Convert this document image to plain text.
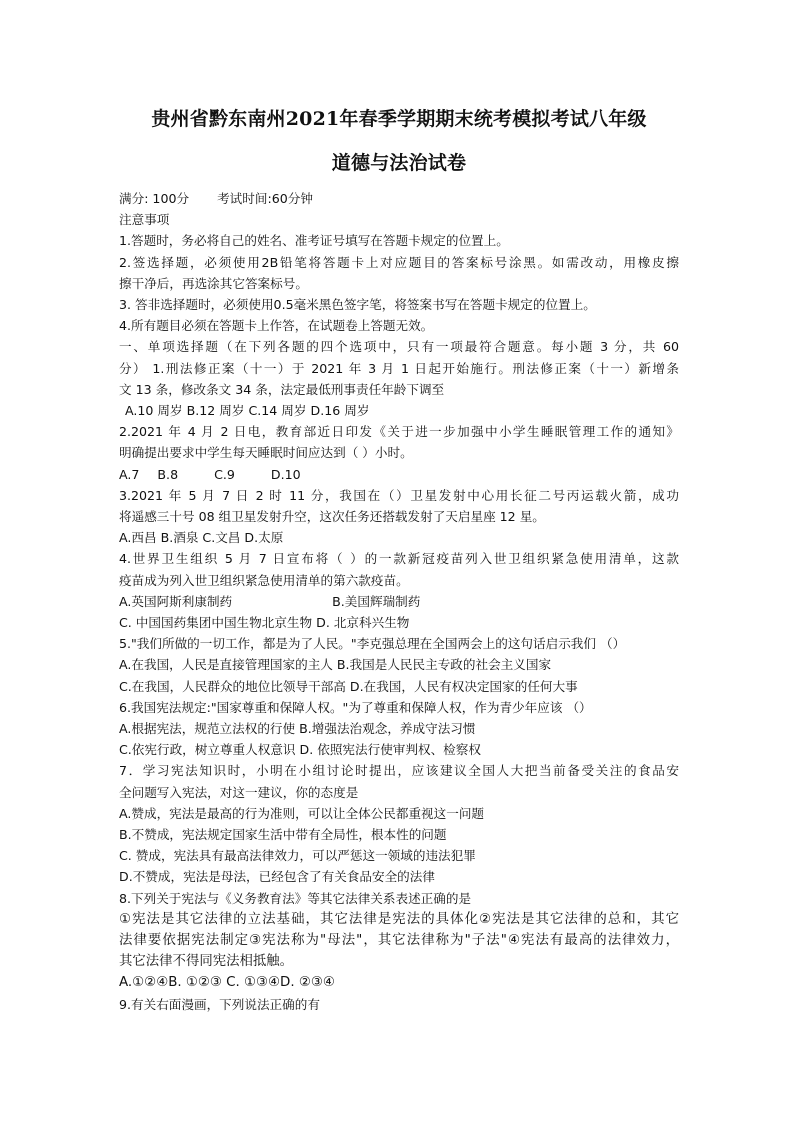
贵州省黔东南州2021年春季学期期末统考模拟考试八年级
道德与法治试卷
满分: 100分 考试时间:60分钟
注意事项
1.答题时，务必将自己的姓名、准考证号填写在答题卡规定的位置上。
2.签选择题，必须使用2B铅笔将答题卡上对应题目的答案标号涂黑。如需改动，用橡皮擦
擦干净后，再选涂其它答案标号。
3. 答非选择题时，必须使用0.5毫米黑色签字笔，将签案书写在答题卡规定的位置上。
4.所有题目必须在答题卡上作答，在试题卷上答题无效。
一、单项选择题（在下列各题的四个选项中，只有一项最符合题意。每小题 3 分，共 60
分） 1.刑法修正案（十一）于 2021 年 3 月 1 日起开始施行。刑法修正案（十一）新增条
文 13 条，修改条文 34 条，法定最低刑事责任年龄下调至
A.10 周岁 B.12 周岁 C.14 周岁 D.16 周岁
2.2021 年 4 月 2 日电，教育部近日印发《关于进一步加强中小学生睡眠管理工作的通知》
明确提出要求中学生每天睡眠时间应达到（ ）小时。
A.7 B.8	C.9	D.10
3.2021 年 5 月 7 日 2 时 11 分，我国在（）卫星发射中心用长征二号丙运载火箭，成功
将遥感三十号 08 组卫星发射升空，这次任务还搭载发射了天启星座 12 星。
A.西昌 B.酒泉 C.文昌 D.太原
4.世界卫生组织 5 月 7 日宣布将（ ）的一款新冠疫苗列入世卫组织紧急使用清单，这款
疫苗成为列入世卫组织紧急使用清单的第六款疫苗。
A.英国阿斯利康制药	B.美国辉瑞制药
C. 中国国药集团中国生物北京生物 D. 北京科兴生物
5."我们所做的一切工作，都是为了人民。"李克强总理在全国两会上的这句话启示我们 （）
A.在我国，人民是直接管理国家的主人 B.我国是人民民主专政的社会主义国家
C.在我国，人民群众的地位比领导干部高 D.在我国，人民有权决定国家的任何大事
6.我国宪法规定:"国家尊重和保障人权。"为了尊重和保障人权，作为青少年应该 （）
A.根据宪法，规范立法权的行使 B.增强法治观念，养成守法习惯
C.依宪行政，树立尊重人权意识 D. 依照宪法行使审判权、检察权
7．学习宪法知识时，小明在小组讨论时提出，应该建议全国人大把当前备受关注的食品安
全问题写入宪法，对这一建议，你的态度是
A.赞成，宪法是最高的行为准则，可以让全体公民都重视这一问题
B.不赞成，宪法规定国家生活中带有全局性，根本性的问题
C. 赞成，宪法具有最高法律效力，可以严惩这一领域的违法犯罪
D.不赞成，宪法是母法，已经包含了有关食品安全的法律
8.下列关于宪法与《义务教育法》等其它法律关系表述正确的是
①宪法是其它法律的立法基础，其它法律是宪法的具体化②宪法是其它法律的总和，其它
法律要依据宪法制定③宪法称为"母法"，其它法律称为"子法"④宪法有最高的法律效力，
其它法律不得同宪法相抵触。
A.①②④B. ①②③ C. ①③④D. ②③④
9.有关右面漫画，下列说法正确的有
